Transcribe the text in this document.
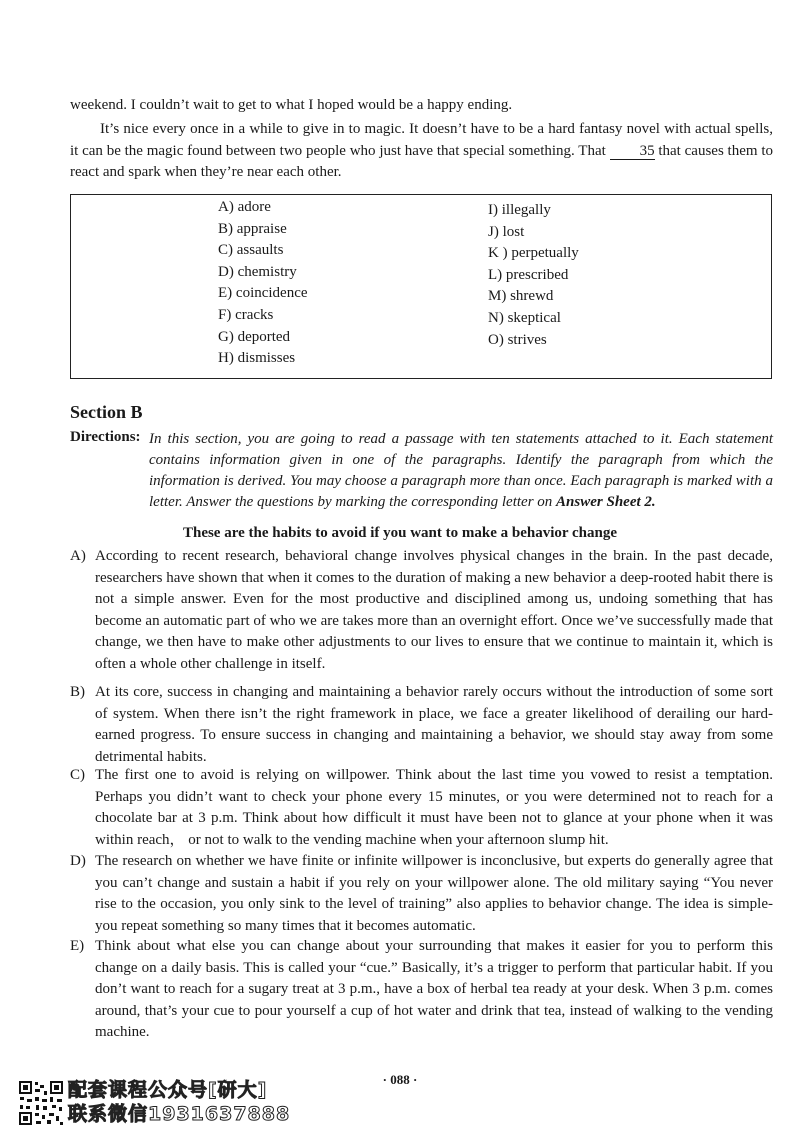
weekend. I couldn’t wait to get to what I hoped would be a happy ending.
It’s nice every once in a while to give in to magic. It doesn’t have to be a hard fantasy novel with actual spells, it can be the magic found between two people who just have that special something. That 35 that causes them to react and spark when they’re near each other.
A) adore
B) appraise
C) assaults
D) chemistry
E) coincidence
F) cracks
G) deported
H) dismisses
I) illegally
J) lost
K ) perpetually
L) prescribed
M) shrewd
N) skeptical
O) strives
Section B
Directions: In this section, you are going to read a passage with ten statements attached to it. Each statement contains information given in one of the paragraphs. Identify the paragraph from which the information is derived. You may choose a paragraph more than once. Each paragraph is marked with a letter. Answer the questions by marking the corresponding letter on Answer Sheet 2.
These are the habits to avoid if you want to make a behavior change
A) According to recent research, behavioral change involves physical changes in the brain. In the past decade, researchers have shown that when it comes to the duration of making a new behavior a deep-rooted habit there is not a simple answer. Even for the most productive and disciplined among us, undoing something that has become an automatic part of who we are takes more than an overnight effort. Once we’ve successfully made that change, we then have to make other adjustments to our lives to ensure that we continue to maintain it, which is often a whole other challenge in itself.
B) At its core, success in changing and maintaining a behavior rarely occurs without the introduction of some sort of system. When there isn’t the right framework in place, we face a greater likelihood of derailing our hard-earned progress. To ensure success in changing and maintaining a behavior, we should stay away from some detrimental habits.
C) The first one to avoid is relying on willpower. Think about the last time you vowed to resist a temptation. Perhaps you didn’t want to check your phone every 15 minutes, or you were determined not to reach for a chocolate bar at 3 p.m. Think about how difficult it must have been not to glance at your phone when it was within reach， or not to walk to the vending machine when your afternoon slump hit.
D) The research on whether we have finite or infinite willpower is inconclusive, but experts do generally agree that you can’t change and sustain a habit if you rely on your willpower alone. The old military saying “You never rise to the occasion, you only sink to the level of training” also applies to behavior change. The idea is simple-you repeat something so many times that it becomes automatic.
E) Think about what else you can change about your surrounding that makes it easier for you to perform this change on a daily basis. This is called your “cue.” Basically, it’s a trigger to perform that particular habit. If you don’t want to reach for a sugary treat at 3 p.m., have a box of herbal tea ready at your desk. When 3 p.m. comes around, that’s your cue to pour yourself a cup of hot water and drink that tea, instead of walking to the vending machine.
· 088 ·
配套课程公众号[研大]
联系微信1931637888
